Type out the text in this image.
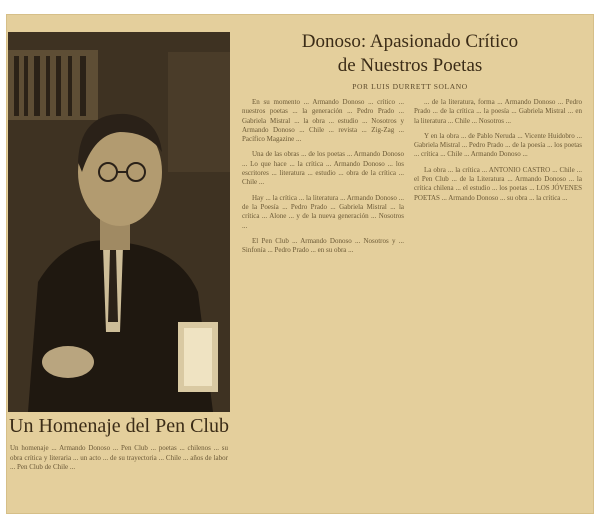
Un Homenaje del Pen Club
Un homenaje ... Armando Donoso ... Pen Club ... poetas ... chilenos ... su obra crítica y literaria ... un acto ... de su trayectoria ... Chile ... años de labor ... Pen Club de Chile ...
Donoso: Apasionado Crítico
de Nuestros Poetas
POR LUIS DURRETT SOLANO

En su momento ... Armando Donoso ... crítico ... nuestros poetas ... la generación ... Pedro Prado ... Gabriela Mistral ... la obra ... estudio ... Nosotros y Armando Donoso ... Chile ... revista ... Zig-Zag ... Pacífico Magazine ...

Una de las obras ... de los poetas ... Armando Donoso ... Lo que hace ... la crítica ... Armando Donoso ... los escritores ... literatura ... estudio ... obra de la crítica ... Chile ...

Hay ... la crítica ... la literatura ... Armando Donoso ... de la Poesía ... Pedro Prado ... Gabriela Mistral ... la crítica ... Alone ... y de la nueva generación ... Nosotros ...

El Pen Club ... Armando Donoso ... Nosotros y ... Sinfonía ... Pedro Prado ... en su obra ...

... de la literatura, forma ... Armando Donoso ... Pedro Prado ... de la crítica ... la poesía ... Gabriela Mistral ... en la literatura ... Chile ... Nosotros ...

Y en la obra ... de Pablo Neruda ... Vicente Huidobro ... Gabriela Mistral ... Pedro Prado ... de la poesía ... los poetas ... crítica ... Chile ... Armando Donoso ...

La obra ... la crítica ... ANTONIO CASTRO ... Chile ... el Pen Club ... de la Literatura ... Armando Donoso ... la crítica chilena ... el estudio ... los poetas ... LOS JÓVENES POETAS ... Armando Donoso ... su obra ... la crítica ...
